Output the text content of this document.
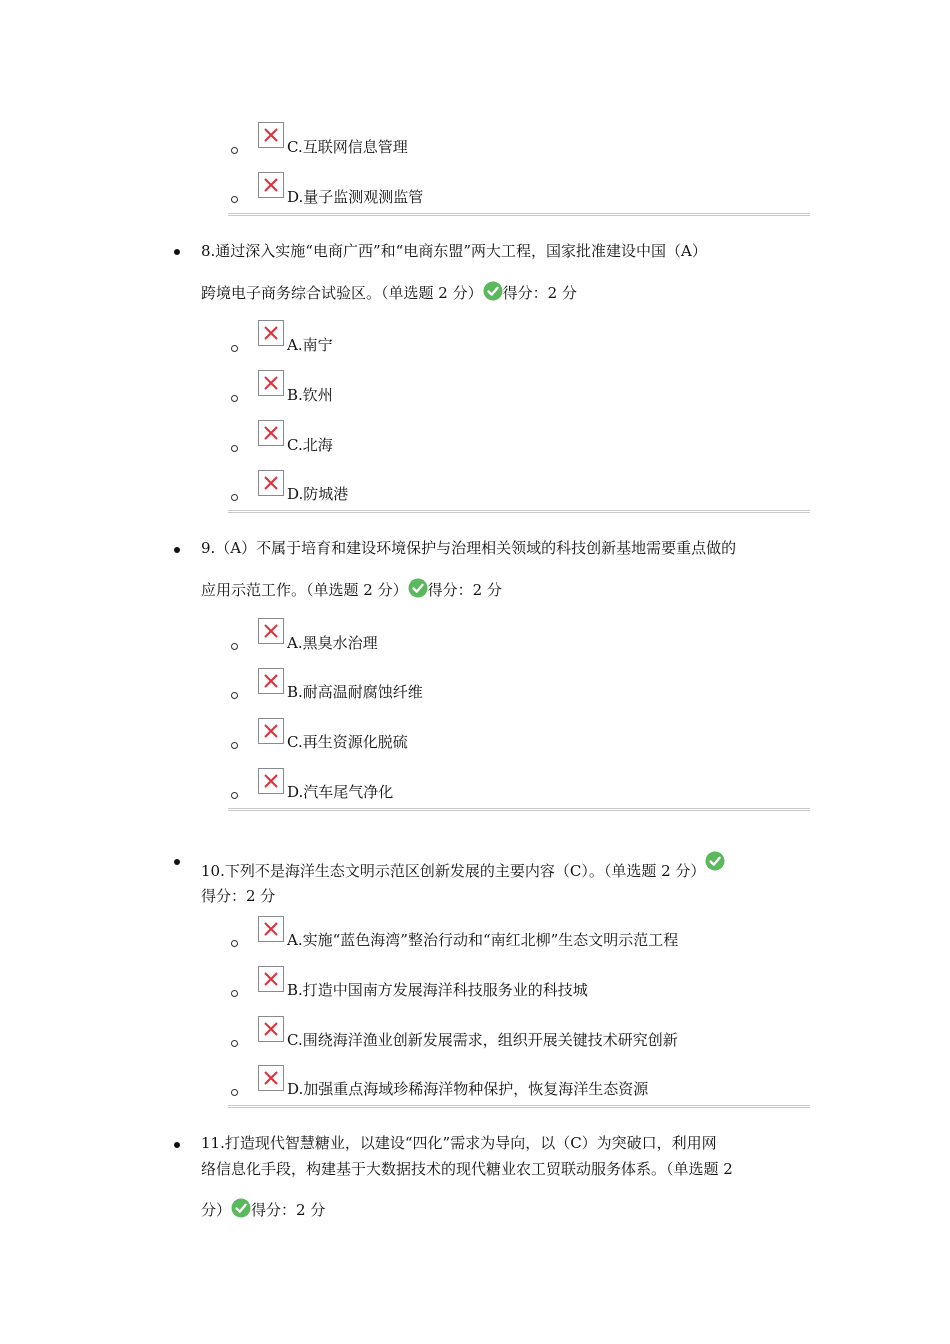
C.互联网信息管理
D.量子监测观测监管
8.通过深入实施“电商广西”和“电商东盟”两大工程，国家批准建设中国（A）
跨境电子商务综合试验区。（单选题 2 分） 得分：2 分
A.南宁
B.钦州
C.北海
D.防城港
9.（A）不属于培育和建设环境保护与治理相关领域的科技创新基地需要重点做的
应用示范工作。（单选题 2 分） 得分：2 分
A.黑臭水治理
B.耐高温耐腐蚀纤维
C.再生资源化脱硫
D.汽车尾气净化
10.下列不是海洋生态文明示范区创新发展的主要内容（C）。（单选题 2 分）
得分：2 分
A.实施“蓝色海湾”整治行动和“南红北柳”生态文明示范工程
B.打造中国南方发展海洋科技服务业的科技城
C.围绕海洋渔业创新发展需求，组织开展关键技术研究创新
D.加强重点海域珍稀海洋物种保护，恢复海洋生态资源
11.打造现代智慧糖业，以建设“四化”需求为导向，以（C）为突破口，利用网
络信息化手段，构建基于大数据技术的现代糖业农工贸联动服务体系。（单选题 2
分） 得分：2 分
